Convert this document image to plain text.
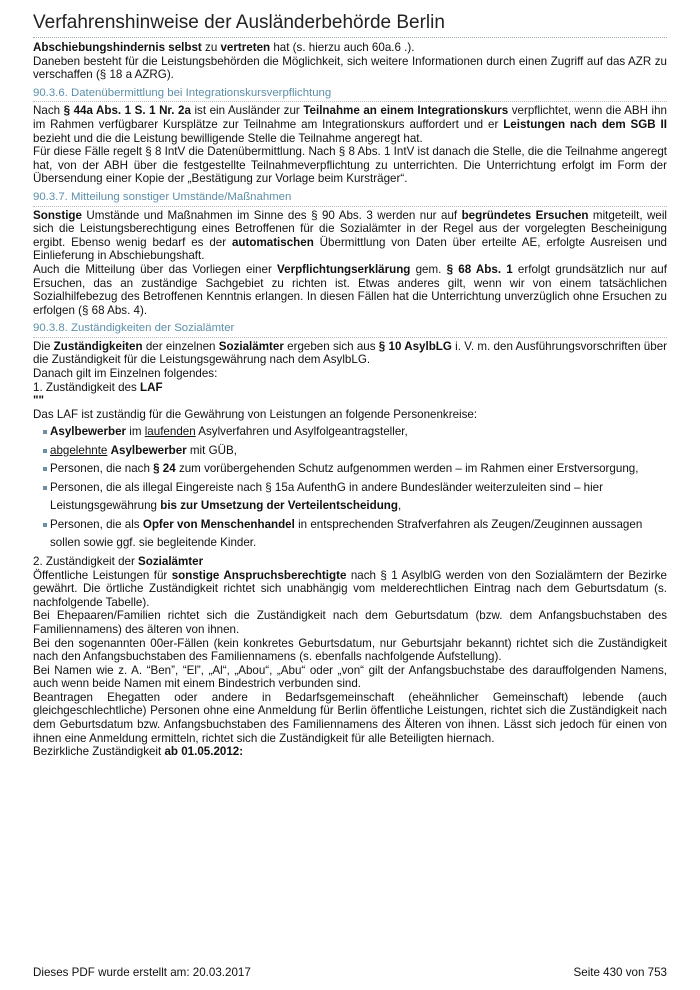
Verfahrenshinweise der Ausländerbehörde Berlin

Abschiebungshindernis selbst zu vertreten hat (s. hierzu auch 60a.6 .).

Daneben besteht für die Leistungsbehörden die Möglichkeit, sich weitere Informationen durch einen Zugriff auf das AZR zu verschaffen (§ 18 a AZRG).

90.3.6. Datenübermittlung bei Integrationskursverpflichtung

Nach § 44a Abs. 1 S. 1 Nr. 2a ist ein Ausländer zur Teilnahme an einem Integrationskurs verpflichtet, wenn die ABH ihn im Rahmen verfügbarer Kursplätze zur Teilnahme am Integrationskurs auffordert und er Leistungen nach dem SGB II bezieht und die die Leistung bewilligende Stelle die Teilnahme angeregt hat.

Für diese Fälle regelt § 8 IntV die Datenübermittlung. Nach § 8 Abs. 1 IntV ist danach die Stelle, die die Teilnahme angeregt hat, von der ABH über die festgestellte Teilnahmeverpflichtung zu unterrichten. Die Unterrichtung erfolgt im Form der Übersendung einer Kopie der „Bestätigung zur Vorlage beim Kursträger“.

90.3.7. Mitteilung sonstiger Umstände/Maßnahmen

Sonstige Umstände und Maßnahmen im Sinne des § 90 Abs. 3 werden nur auf begründetes Ersuchen mitgeteilt, weil sich die Leistungsberechtigung eines Betroffenen für die Sozialämter in der Regel aus der vorgelegten Bescheinigung ergibt. Ebenso wenig bedarf es der automatischen Übermittlung von Daten über erteilte AE, erfolgte Ausreisen und Einlieferung in Abschiebungshaft.

Auch die Mitteilung über das Vorliegen einer Verpflichtungserklärung gem. § 68 Abs. 1 erfolgt grundsätzlich nur auf Ersuchen, das an zuständige Sachgebiet zu richten ist. Etwas anderes gilt, wenn wir von einem tatsächlichen Sozialhilfebezug des Betroffenen Kenntnis erlangen. In diesen Fällen hat die Unterrichtung unverzüglich ohne Ersuchen zu erfolgen (§ 68 Abs. 4).

90.3.8. Zuständigkeiten der Sozialämter

Die Zuständigkeiten der einzelnen Sozialämter ergeben sich aus § 10 AsylbLG i. V. m. den Ausführungsvorschriften über die Zuständigkeit für die Leistungsgewährung nach dem AsylbLG.

Danach gilt im Einzelnen folgendes:

1. Zuständigkeit des LAF

""

Das LAF ist zuständig für die Gewährung von Leistungen an folgende Personenkreise:

Asylbewerber im laufenden Asylverfahren und Asylfolgeantragsteller,
abgelehnte Asylbewerber mit GÜB,
Personen, die nach § 24 zum vorübergehenden Schutz aufgenommen werden – im Rahmen einer Erstversorgung,
Personen, die als illegal Eingereiste nach § 15a AufenthG in andere Bundesländer weiterzuleiten sind – hier Leistungsgewährung bis zur Umsetzung der Verteilentscheidung,
Personen, die als Opfer von Menschenhandel in entsprechenden Strafverfahren als Zeugen/Zeuginnen aussagen sollen sowie ggf. sie begleitende Kinder.

2. Zuständigkeit der Sozialämter

Öffentliche Leistungen für sonstige Anspruchsberechtigte nach § 1 AsylblG werden von den Sozialämtern der Bezirke gewährt. Die örtliche Zuständigkeit richtet sich unabhängig vom melderechtlichen Eintrag nach dem Geburtsdatum (s. nachfolgende Tabelle).

Bei Ehepaaren/Familien richtet sich die Zuständigkeit nach dem Geburtsdatum (bzw. dem Anfangsbuchstaben des Familiennamens) des älteren von ihnen.

Bei den sogenannten 00er-Fällen (kein konkretes Geburtsdatum, nur Geburtsjahr bekannt) richtet sich die Zuständigkeit nach den Anfangsbuchstaben des Familiennamens (s. ebenfalls nachfolgende Aufstellung).

Bei Namen wie z. A. “Ben”, “El”, „Al“, „Abou“, „Abu“ oder „von“ gilt der Anfangsbuchstabe des darauffolgenden Namens, auch wenn beide Namen mit einem Bindestrich verbunden sind.

Beantragen Ehegatten oder andere in Bedarfsgemeinschaft (eheähnlicher Gemeinschaft) lebende (auch gleichgeschlechtliche) Personen ohne eine Anmeldung für Berlin öffentliche Leistungen, richtet sich die Zuständigkeit nach dem Geburtsdatum bzw. Anfangsbuchstaben des Familiennamens des Älteren von ihnen. Lässt sich jedoch für einen von ihnen eine Anmeldung ermitteln, richtet sich die Zuständigkeit für alle Beteiligten hiernach.

Bezirkliche Zuständigkeit ab 01.05.2012:

Dieses PDF wurde erstellt am: 20.03.2017	Seite 430 von 753
